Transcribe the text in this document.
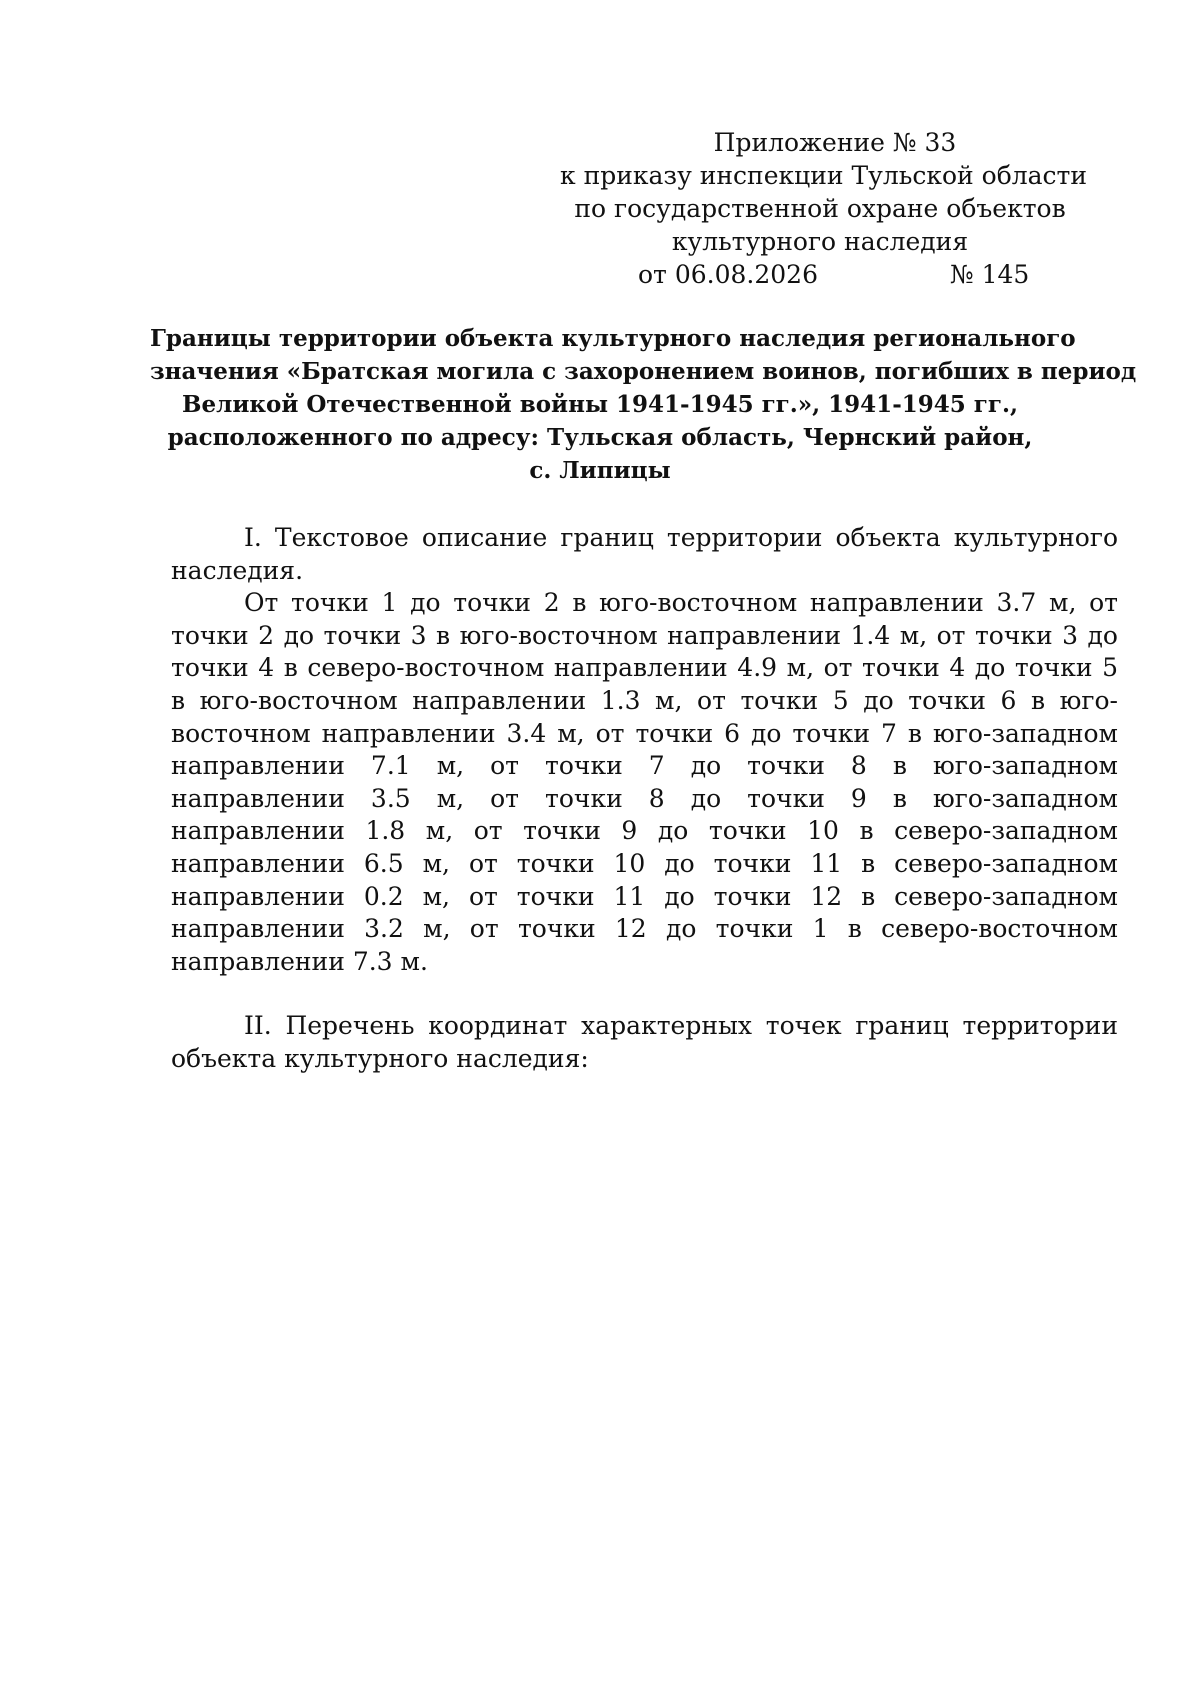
Приложение № 33
к приказу инспекции Тульской области
по государственной охране объектов
культурного наследия
от 06.08.2026	№ 145
Границы территории объекта культурного наследия регионального
значения «Братская могила с захоронением воинов, погибших в период
Великой Отечественной войны 1941-1945 гг.», 1941-1945 гг.,
расположенного по адресу: Тульская область, Чернский район,
с. Липицы

I. Текстовое описание границ территории объекта культурного наследия.

От точки 1 до точки 2 в юго-восточном направлении 3.7 м, от точки 2 до точки 3 в юго-восточном направлении 1.4 м, от точки 3 до точки 4 в северо-восточном направлении 4.9 м, от точки 4 до точки 5 в юго-восточном направлении 1.3 м, от точки 5 до точки 6 в юго-восточном направлении 3.4 м, от точки 6 до точки 7 в юго-западном направлении 7.1 м, от точки 7 до точки 8 в юго-западном направлении 3.5 м, от точки 8 до точки 9 в юго-западном направлении 1.8 м, от точки 9 до точки 10 в северо-западном направлении 6.5 м, от точки 10 до точки 11 в северо-западном направлении 0.2 м, от точки 11 до точки 12 в северо-западном направлении 3.2 м, от точки 12 до точки 1 в северо-восточном направлении 7.3 м.

II. Перечень координат характерных точек границ территории объекта культурного наследия:
